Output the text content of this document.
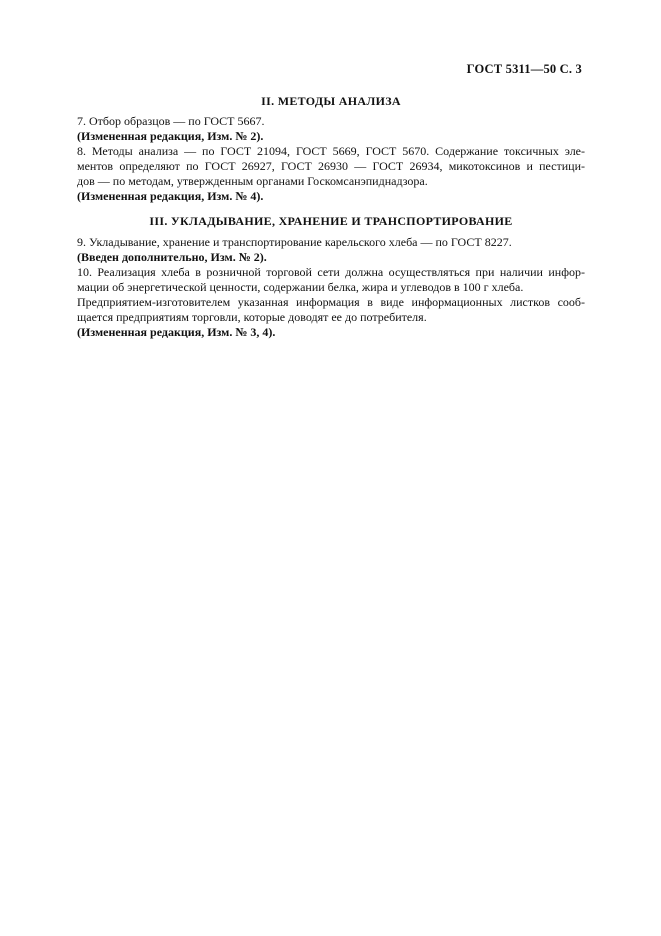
ГОСТ 5311—50 С. 3
II. МЕТОДЫ АНАЛИЗА
7. Отбор образцов — по ГОСТ 5667.
(Измененная редакция, Изм. № 2).
8. Методы анализа — по ГОСТ 21094, ГОСТ 5669, ГОСТ 5670. Содержание токсичных эле-
ментов определяют по ГОСТ 26927, ГОСТ 26930 — ГОСТ 26934, микотоксинов и пестици-
дов — по методам, утвержденным органами Госкомсанэпиднадзора.
(Измененная редакция, Изм. № 4).
III. УКЛАДЫВАНИЕ, ХРАНЕНИЕ И ТРАНСПОРТИРОВАНИЕ
9. Укладывание, хранение и транспортирование карельского хлеба — по ГОСТ 8227.
(Введен дополнительно, Изм. № 2).
10. Реализация хлеба в розничной торговой сети должна осуществляться при наличии инфор-
мации об энергетической ценности, содержании белка, жира и углеводов в 100 г хлеба.
Предприятием-изготовителем указанная информация в виде информационных листков сооб-
щается предприятиям торговли, которые доводят ее до потребителя.
(Измененная редакция, Изм. № 3, 4).
